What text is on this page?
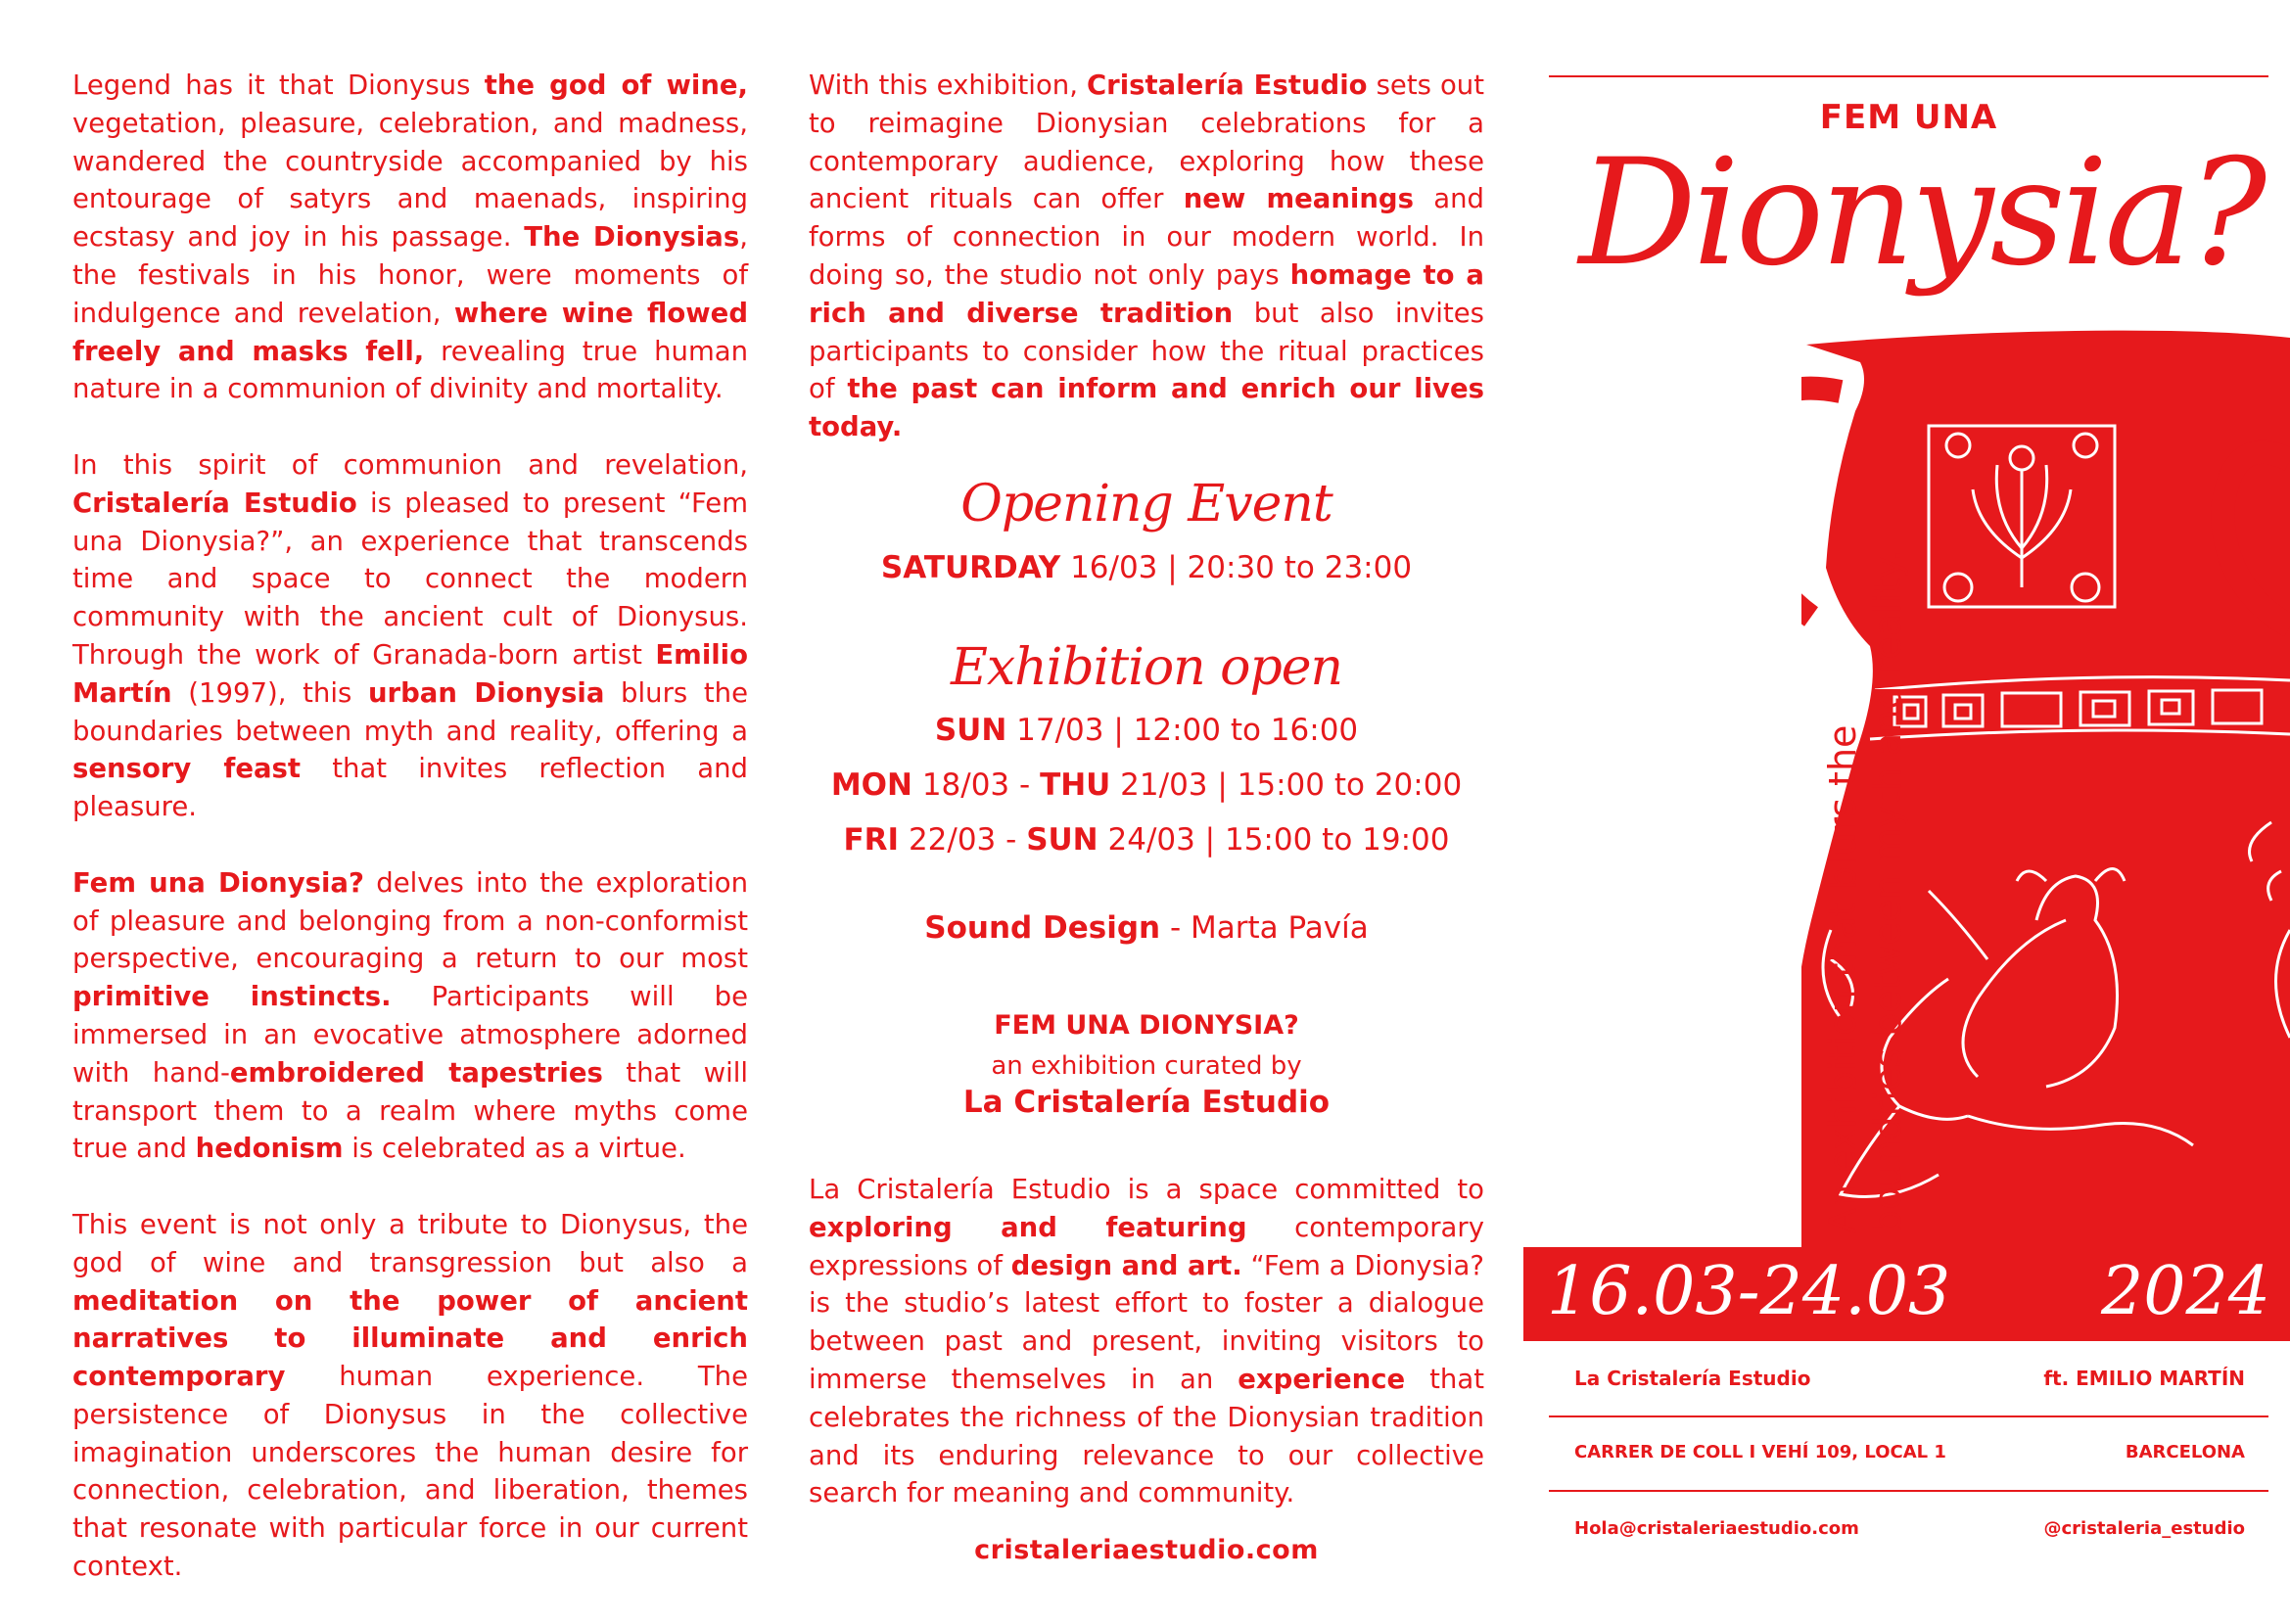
Legend has it that Dionysus the god of wine, vegetation, pleasure, celebration, and madness, wandered the countryside accompanied by his entourage of satyrs and maenads, inspiring ecstasy and joy in his passage. The Dionysias, the festivals in his honor, were moments of indulgence and revelation, where wine flowed freely and masks fell, revealing true human nature in a communion of divinity and mortality.

In this spirit of communion and revelation, Cristalería Estudio is pleased to present “Fem una Dionysia?”, an experience that transcends time and space to connect the modern community with the ancient cult of Dionysus. Through the work of Granada-born artist Emilio Martín (1997), this urban Dionysia blurs the boundaries between myth and reality, offering a sensory feast that invites reflection and pleasure.

Fem una Dionysia? delves into the exploration of pleasure and belonging from a non-conformist perspective, encouraging a return to our most primitive instincts. Participants will be immersed in an evocative atmosphere adorned with hand-embroidered tapestries that will transport them to a realm where myths come true and hedonism is celebrated as a virtue.

This event is not only a tribute to Dionysus, the god of wine and transgression but also a meditation on the power of ancient narratives to illuminate and enrich contemporary human experience. The persistence of Dionysus in the collective imagination underscores the human desire for connection, celebration, and liberation, themes that resonate with particular force in our current context.

With this exhibition, Cristalería Estudio sets out to reimagine Dionysian celebrations for a contemporary audience, exploring how these ancient rituals can offer new meanings and forms of connection in our modern world. In doing so, the studio not only pays homage to a rich and diverse tradition but also invites participants to consider how the ritual practices of the past can inform and enrich our lives today.

Opening Event
SATURDAY 16/03 | 20:30 to 23:00
Exhibition open
SUN 17/03 | 12:00 to 16:00
MON 18/03 - THU 21/03 | 15:00 to 20:00
FRI 22/03 - SUN 24/03 | 15:00 to 19:00
Sound Design - Marta Pavía
FEM UNA DIONYSIA?
an exhibition curated by
La Cristalería Estudio

La Cristalería Estudio is a space committed to exploring and featuring contemporary expressions of design and art. “Fem a Dionysia? is the studio’s latest effort to foster a dialogue between past and present, inviting visitors to immerse themselves in an experience that celebrates the richness of the Dionysian tradition and its enduring relevance to our collective search for meaning and community.

cristaleriaestudio.com
FEM UNA
Dionysia?
An exhibition that blurs the boundries between myth and reality.
16.03-24.03 2024
La Cristalería Estudio	ft. EMILIO MARTÍN
CARRER DE COLL I VEHÍ 109, LOCAL 1	BARCELONA
Hola@cristaleriaestudio.com	@cristaleria_estudio
